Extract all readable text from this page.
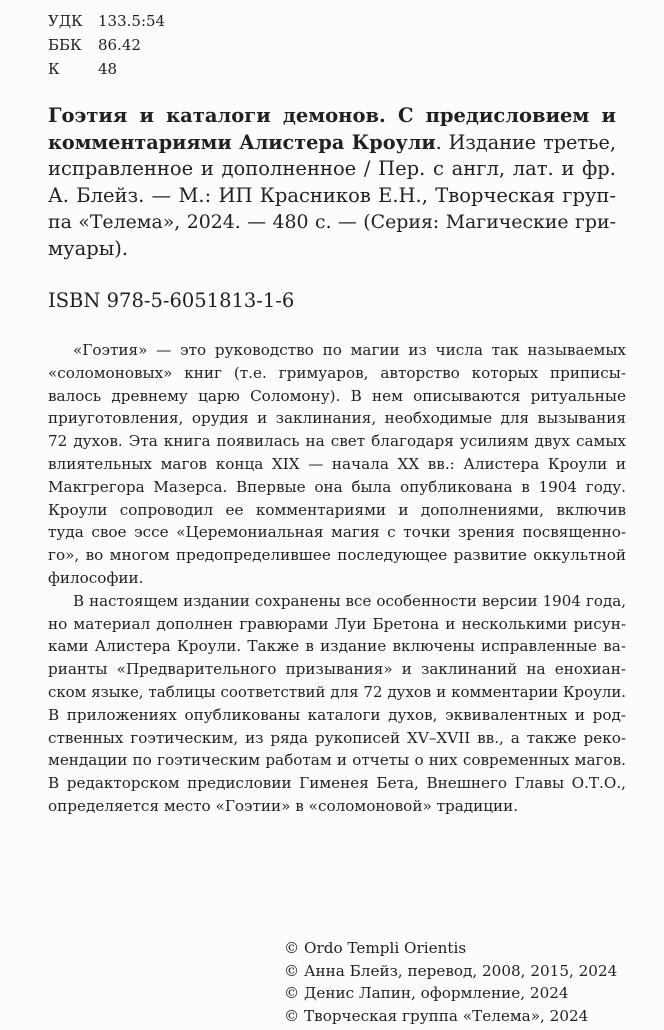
УДК	133.5:54
ББК	86.42
К	48
Гоэтия и каталоги демонов. С предисловием и
комментариями Алистера Кроули. Издание третье,
исправленное и дополненное / Пер. с англ, лат. и фр.
А. Блейз. — М.: ИП Красников Е.Н., Творческая груп-
па «Телема», 2024. — 480 с. — (Серия: Магические гри-
муары).
ISBN 978-5-6051813-1-6
«Гоэтия» — это руководство по магии из числа так называемых
«соломоновых» книг (т.е. гримуаров, авторство которых приписы-
валось древнему царю Соломону). В нем описываются ритуальные
приуготовления, орудия и заклинания, необходимые для вызывания
72 духов. Эта книга появилась на свет благодаря усилиям двух самых
влиятельных магов конца XIX — начала XX вв.: Алистера Кроули и
Макгрегора Мазерса. Впервые она была опубликована в 1904 году.
Кроули сопроводил ее комментариями и дополнениями, включив
туда свое эссе «Церемониальная магия с точки зрения посвященно-
го», во многом предопределившее последующее развитие оккультной
философии.
В настоящем издании сохранены все особенности версии 1904 года,
но материал дополнен гравюрами Луи Бретона и несколькими рисун-
ками Алистера Кроули. Также в издание включены исправленные ва-
рианты «Предварительного призывания» и заклинаний на енохиан-
ском языке, таблицы соответствий для 72 духов и комментарии Кроули.
В приложениях опубликованы каталоги духов, эквивалентных и род-
ственных гоэтическим, из ряда рукописей XV–XVII вв., а также реко-
мендации по гоэтическим работам и отчеты о них современных магов.
В редакторском предисловии Гименея Бета, Внешнего Главы О.Т.О.,
определяется место «Гоэтии» в «соломоновой» традиции.
© Ordo Templi Orientis
© Анна Блейз, перевод, 2008, 2015, 2024
© Денис Лапин, оформление, 2024
© Творческая группа «Телема», 2024
